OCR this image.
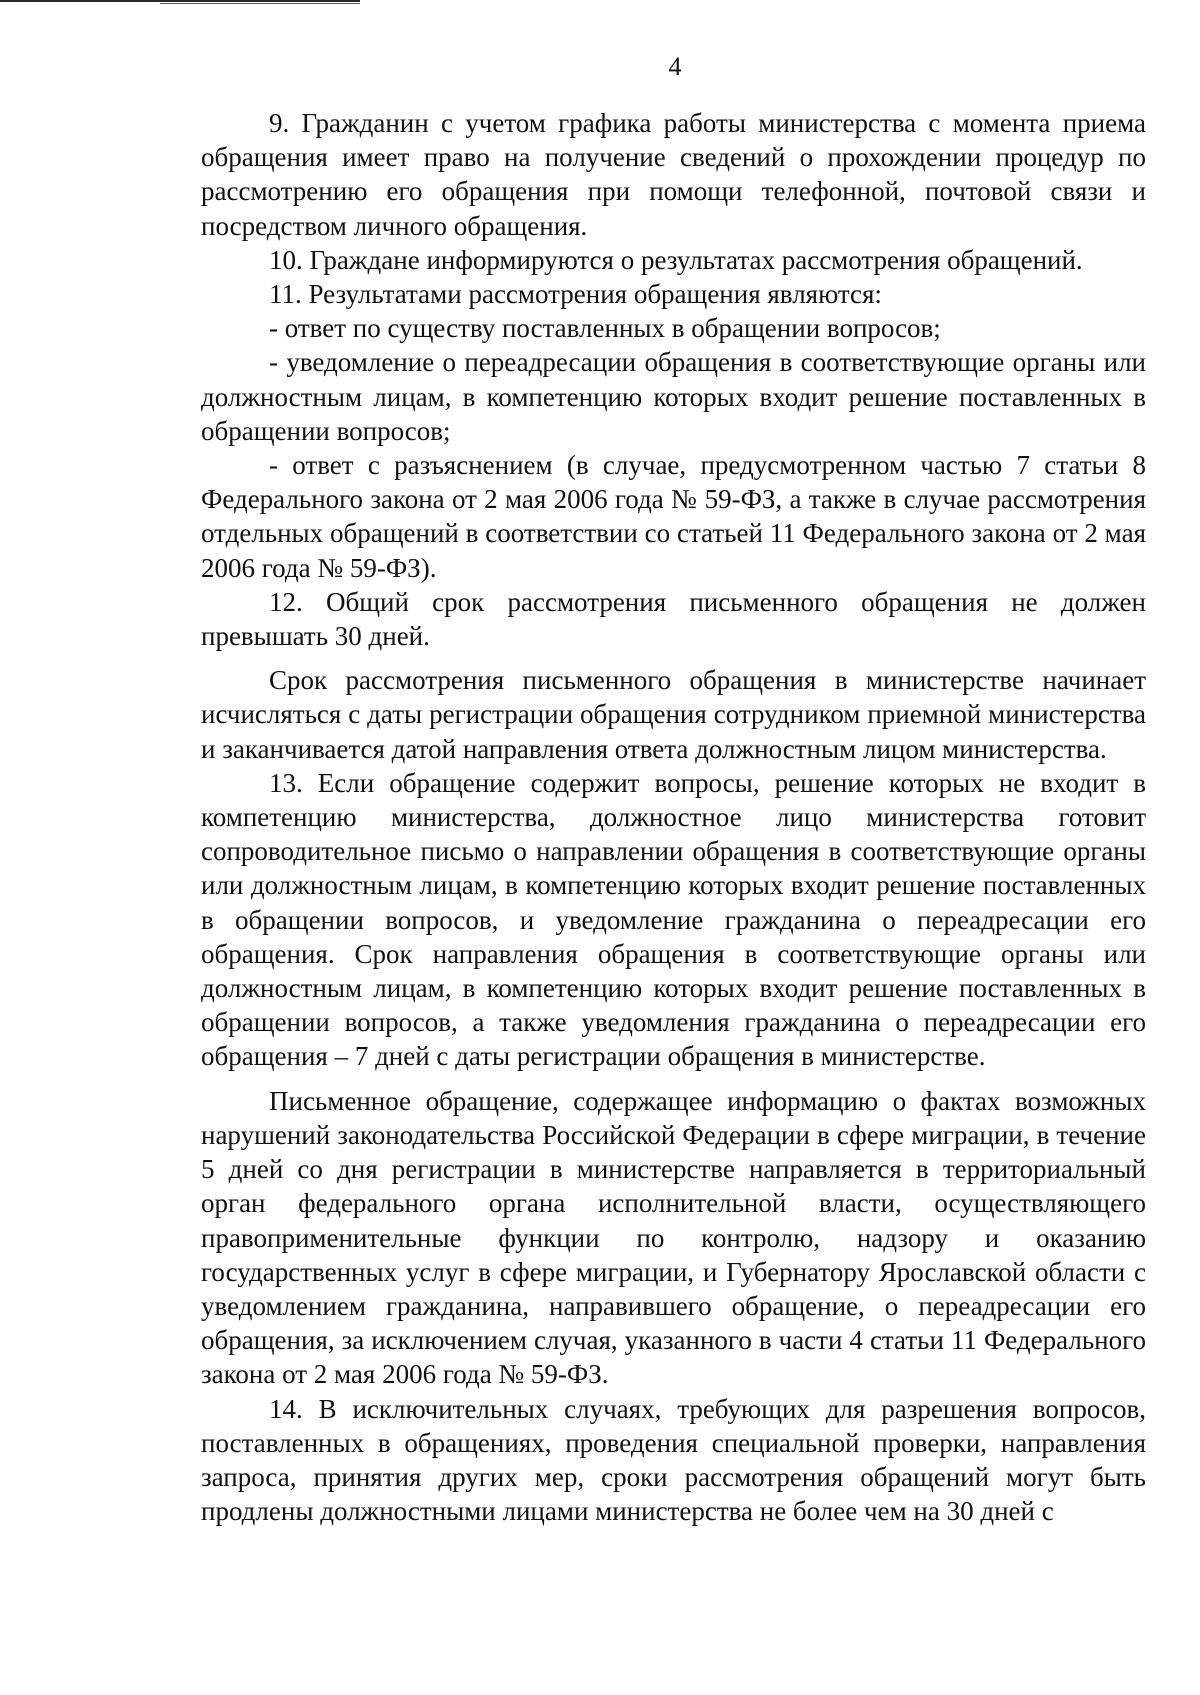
4

9. Гражданин с учетом графика работы министерства с момента приема обращения имеет право на получение сведений о прохождении процедур по рассмотрению его обращения при помощи телефонной, почтовой связи и посредством личного обращения.

10. Граждане информируются о результатах рассмотрения обращений.

11. Результатами рассмотрения обращения являются:

- ответ по существу поставленных в обращении вопросов;

- уведомление о переадресации обращения в соответствующие органы или должностным лицам, в компетенцию которых входит решение поставленных в обращении вопросов;

- ответ с разъяснением (в случае, предусмотренном частью 7 статьи 8 Федерального закона от 2 мая 2006 года № 59-ФЗ, а также в случае рассмотрения отдельных обращений в соответствии со статьей 11 Федерального закона от 2 мая 2006 года № 59-ФЗ).

12. Общий срок рассмотрения письменного обращения не должен превышать 30 дней.

Срок рассмотрения письменного обращения в министерстве начинает исчисляться с даты регистрации обращения сотрудником приемной министерства и заканчивается датой направления ответа должностным лицом министерства.

13. Если обращение содержит вопросы, решение которых не входит в компетенцию министерства, должностное лицо министерства готовит сопроводительное письмо о направлении обращения в соответствующие органы или должностным лицам, в компетенцию которых входит решение поставленных в обращении вопросов, и уведомление гражданина о переадресации его обращения. Срок направления обращения в соответствующие органы или должностным лицам, в компетенцию которых входит решение поставленных в обращении вопросов, а также уведомления гражданина о переадресации его обращения – 7 дней с даты регистрации обращения в министерстве.

Письменное обращение, содержащее информацию о фактах возможных нарушений законодательства Российской Федерации в сфере миграции, в течение 5 дней со дня регистрации в министерстве направляется в территориальный орган федерального органа исполнительной власти, осуществляющего правоприменительные функции по контролю, надзору и оказанию государственных услуг в сфере миграции, и Губернатору Ярославской области с уведомлением гражданина, направившего обращение, о переадресации его обращения, за исключением случая, указанного в части 4 статьи 11 Федерального закона от 2 мая 2006 года № 59-ФЗ.

14. В исключительных случаях, требующих для разрешения вопросов, поставленных в обращениях, проведения специальной проверки, направления запроса, принятия других мер, сроки рассмотрения обращений могут быть продлены должностными лицами министерства не более чем на 30 дней с
